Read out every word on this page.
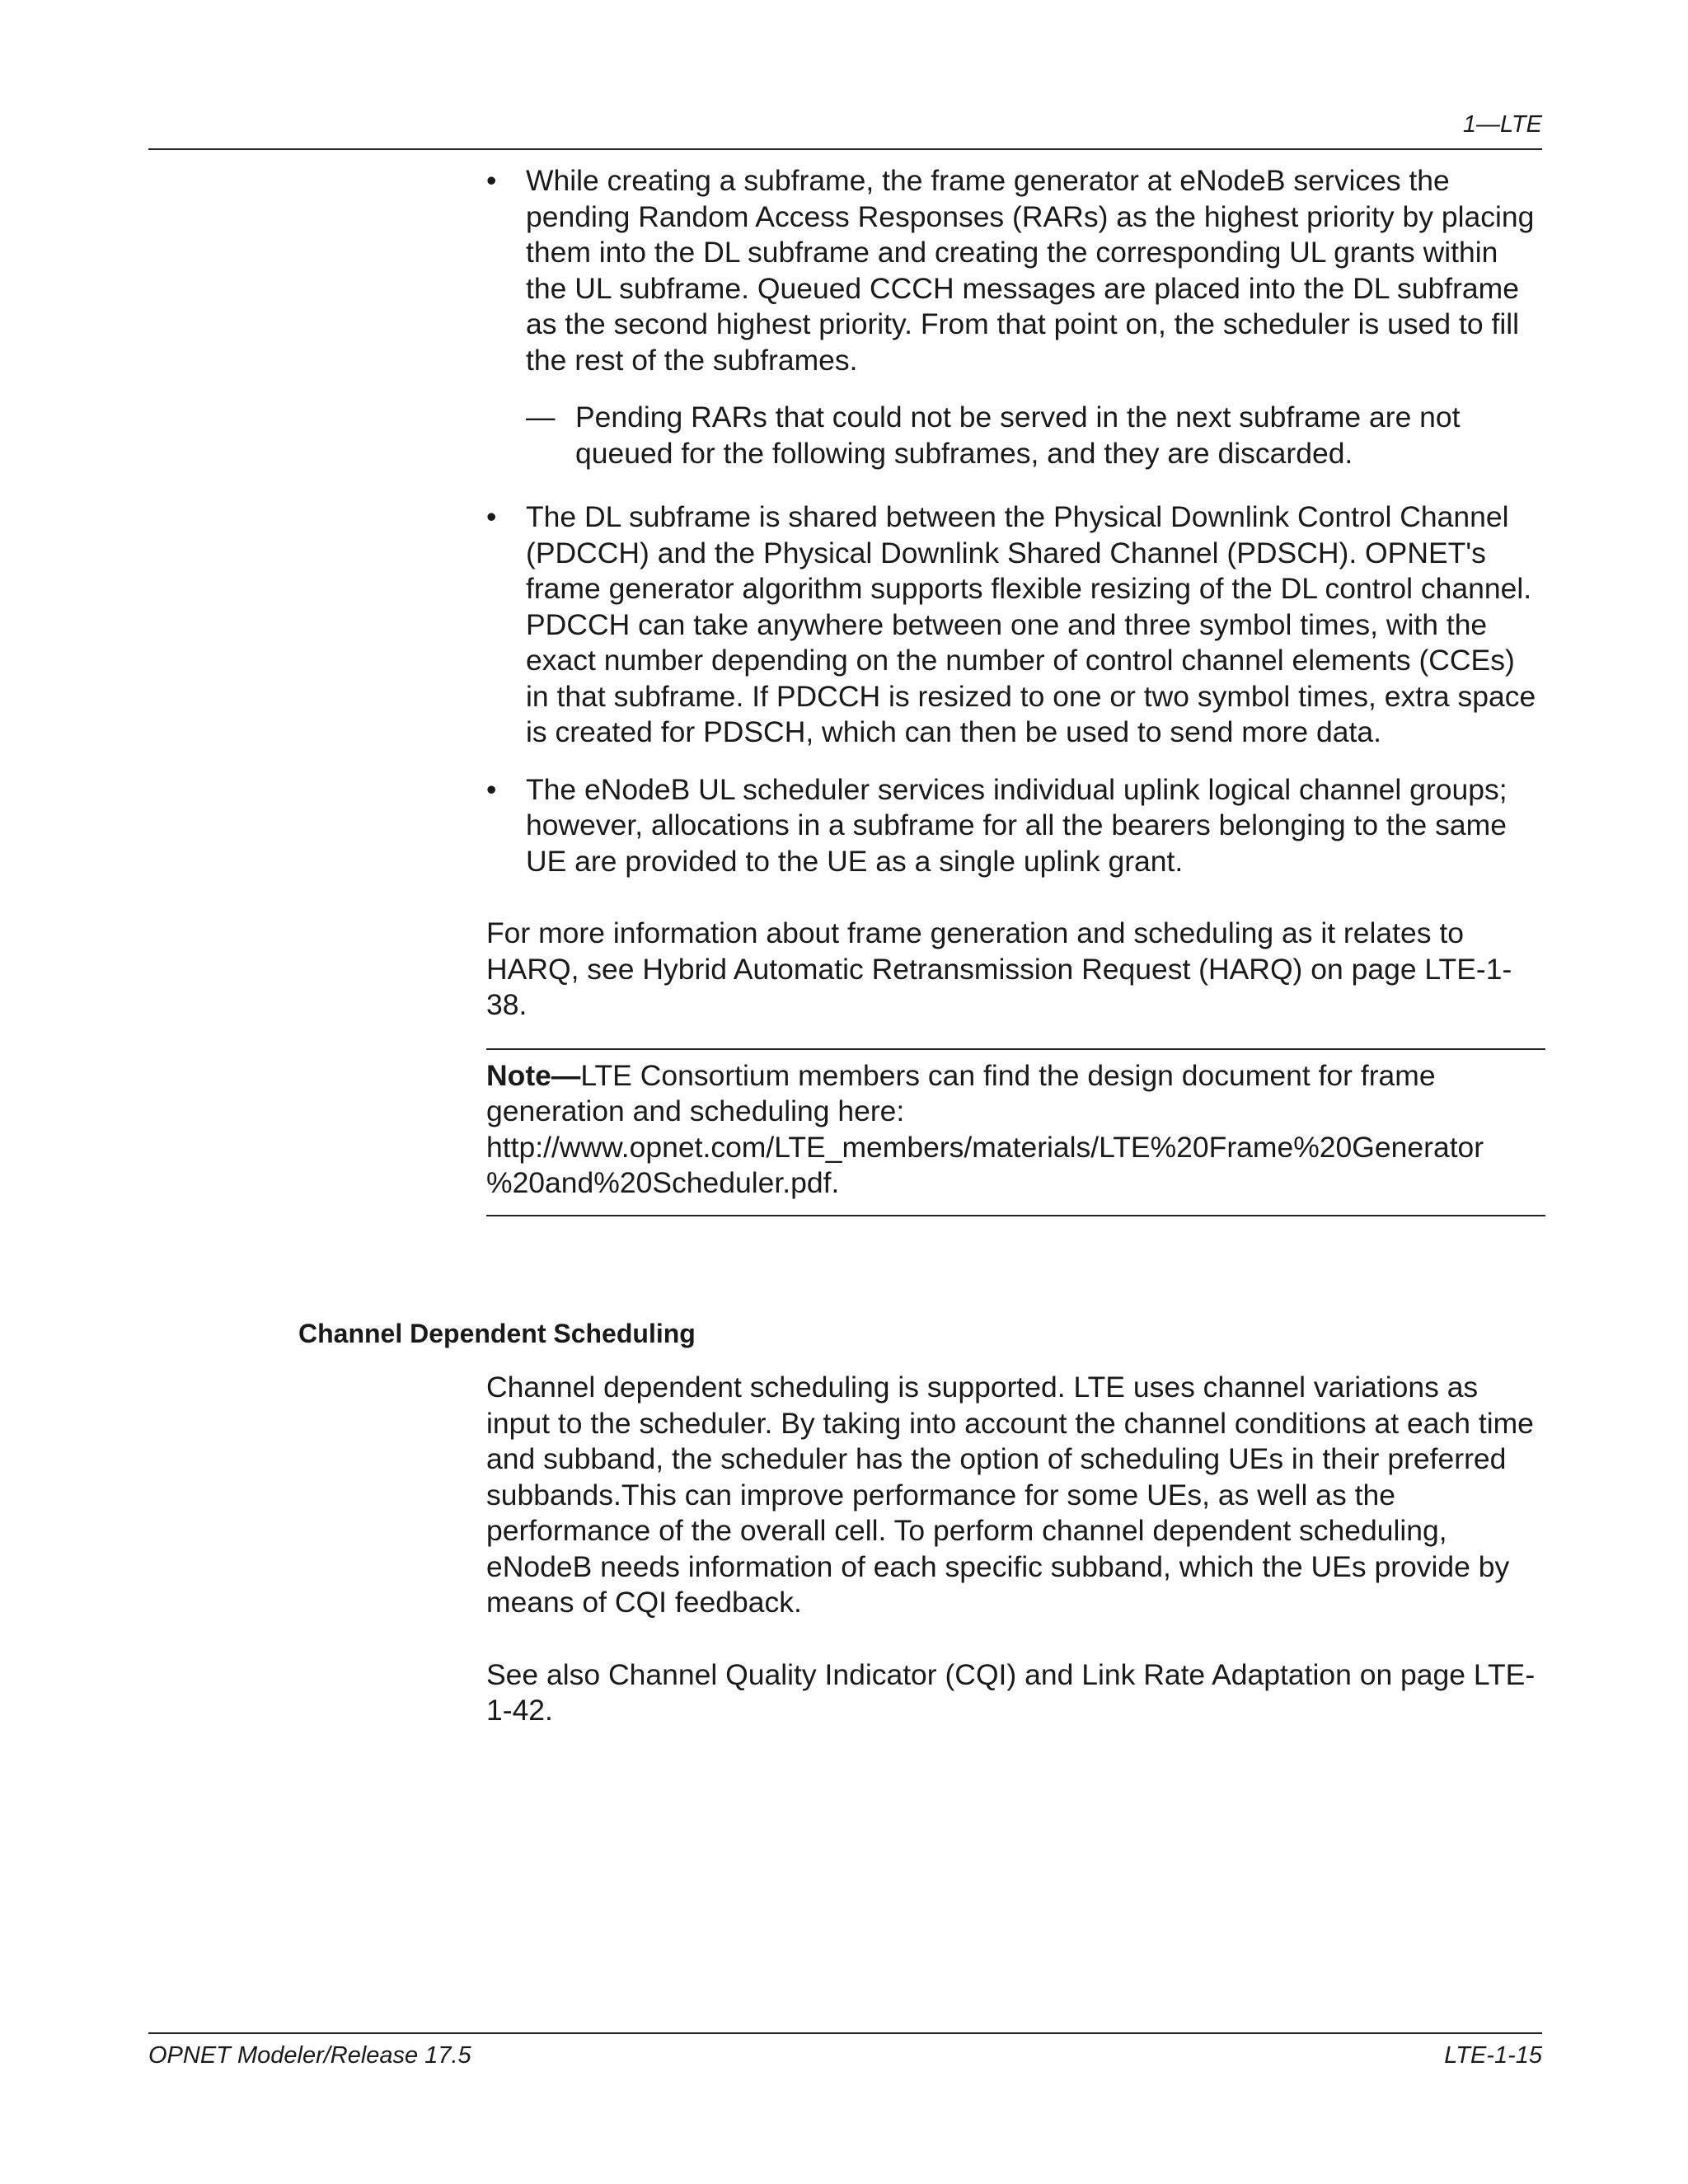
1—LTE
•	While creating a subframe, the frame generator at eNodeB services the pending Random Access Responses (RARs) as the highest priority by placing them into the DL subframe and creating the corresponding UL grants within the UL subframe. Queued CCCH messages are placed into the DL subframe as the second highest priority. From that point on, the scheduler is used to fill the rest of the subframes.

— Pending RARs that could not be served in the next subframe are not queued for the following subframes, and they are discarded.

•	The DL subframe is shared between the Physical Downlink Control Channel (PDCCH) and the Physical Downlink Shared Channel (PDSCH). OPNET's frame generator algorithm supports flexible resizing of the DL control channel. PDCCH can take anywhere between one and three symbol times, with the exact number depending on the number of control channel elements (CCEs) in that subframe. If PDCCH is resized to one or two symbol times, extra space is created for PDSCH, which can then be used to send more data.

•	The eNodeB UL scheduler services individual uplink logical channel groups; however, allocations in a subframe for all the bearers belonging to the same UE are provided to the UE as a single uplink grant.

For more information about frame generation and scheduling as it relates to HARQ, see Hybrid Automatic Retransmission Request (HARQ) on page LTE-1-38.

Note—LTE Consortium members can find the design document for frame generation and scheduling here:
http://www.opnet.com/LTE_members/materials/LTE%20Frame%20Generator
%20and%20Scheduler.pdf.

Channel Dependent Scheduling

Channel dependent scheduling is supported. LTE uses channel variations as input to the scheduler. By taking into account the channel conditions at each time and subband, the scheduler has the option of scheduling UEs in their preferred subbands.This can improve performance for some UEs, as well as the performance of the overall cell. To perform channel dependent scheduling, eNodeB needs information of each specific subband, which the UEs provide by means of CQI feedback.

See also Channel Quality Indicator (CQI) and Link Rate Adaptation on page LTE-1-42.

OPNET Modeler/Release 17.5	LTE-1-15
